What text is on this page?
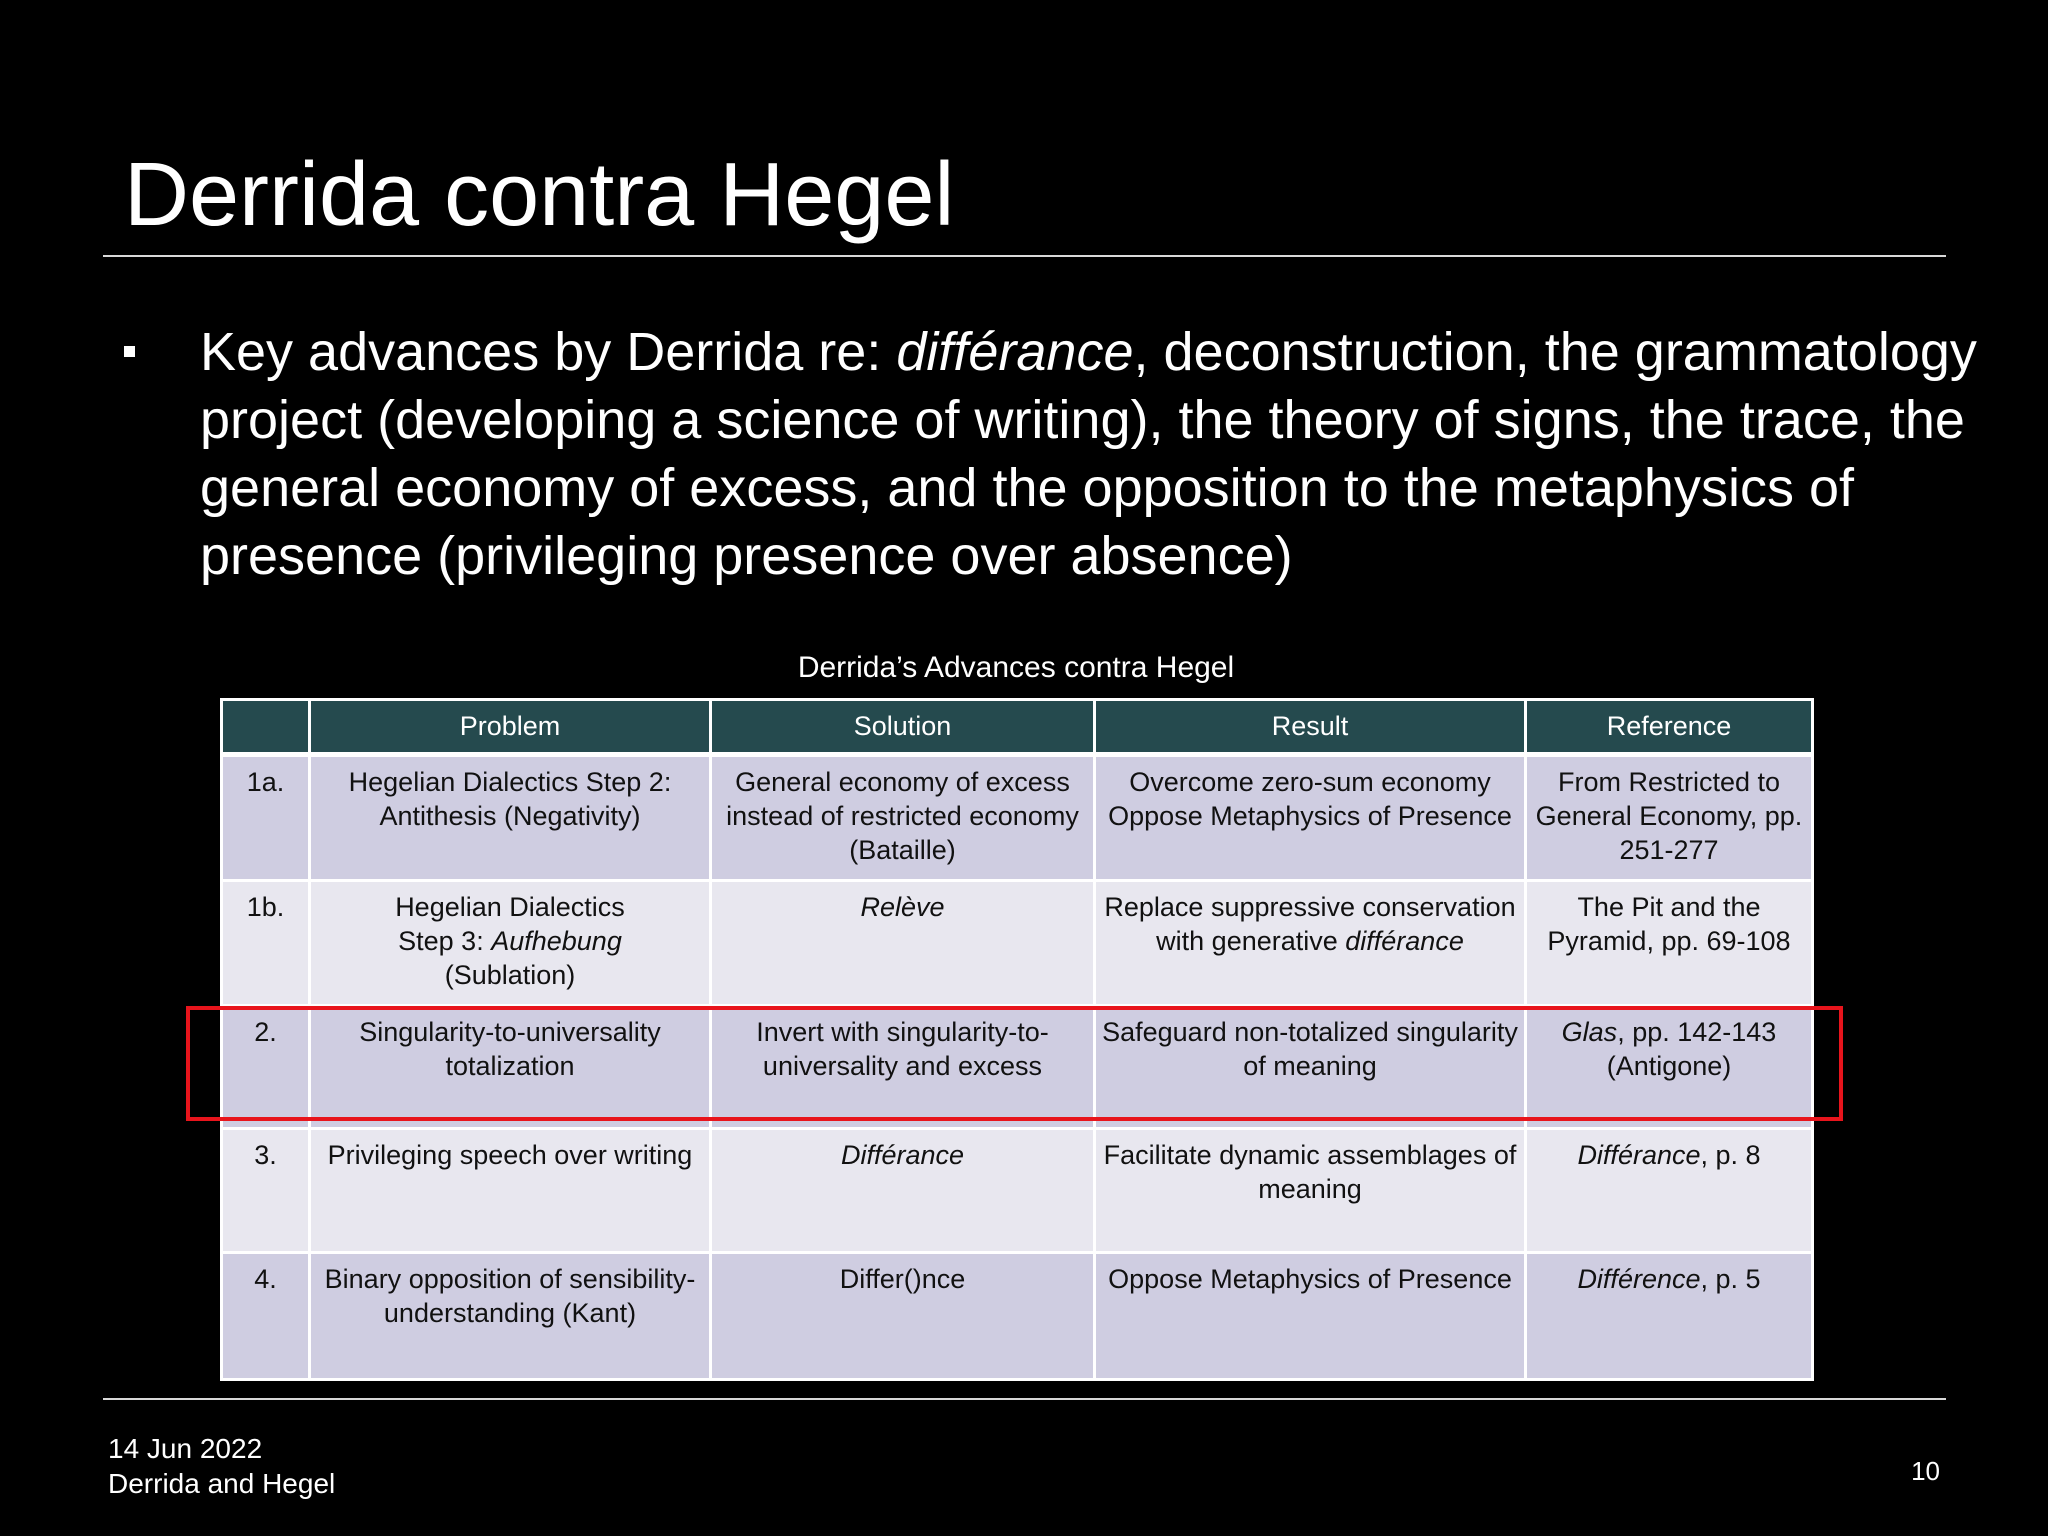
Derrida contra Hegel
Key advances by Derrida re: différance, deconstruction, the grammatology project (developing a science of writing), the theory of signs, the trace, the general economy of excess, and the opposition to the metaphysics of presence (privileging presence over absence)
Derrida’s Advances contra Hegel
	Problem	Solution	Result	Reference
1a.	Hegelian Dialectics Step 2: Antithesis (Negativity)	General economy of excess instead of restricted economy (Bataille)	Overcome zero-sum economy Oppose Metaphysics of Presence	From Restricted to General Economy, pp. 251-277
1b.	Hegelian Dialectics
Step 3: Aufhebung
(Sublation)	Relève	Replace suppressive conservation with generative différance	The Pit and the Pyramid, pp. 69-108
2.	Singularity-to-universality totalization	Invert with singularity-to-universality and excess	Safeguard non-totalized singularity of meaning	Glas, pp. 142-143 (Antigone)
3.	Privileging speech over writing	Différance	Facilitate dynamic assemblages of meaning	Différance, p. 8
4.	Binary opposition of sensibility-understanding (Kant)	Differ()nce	Oppose Metaphysics of Presence	Différence, p. 5
14 Jun 2022
Derrida and Hegel	10
